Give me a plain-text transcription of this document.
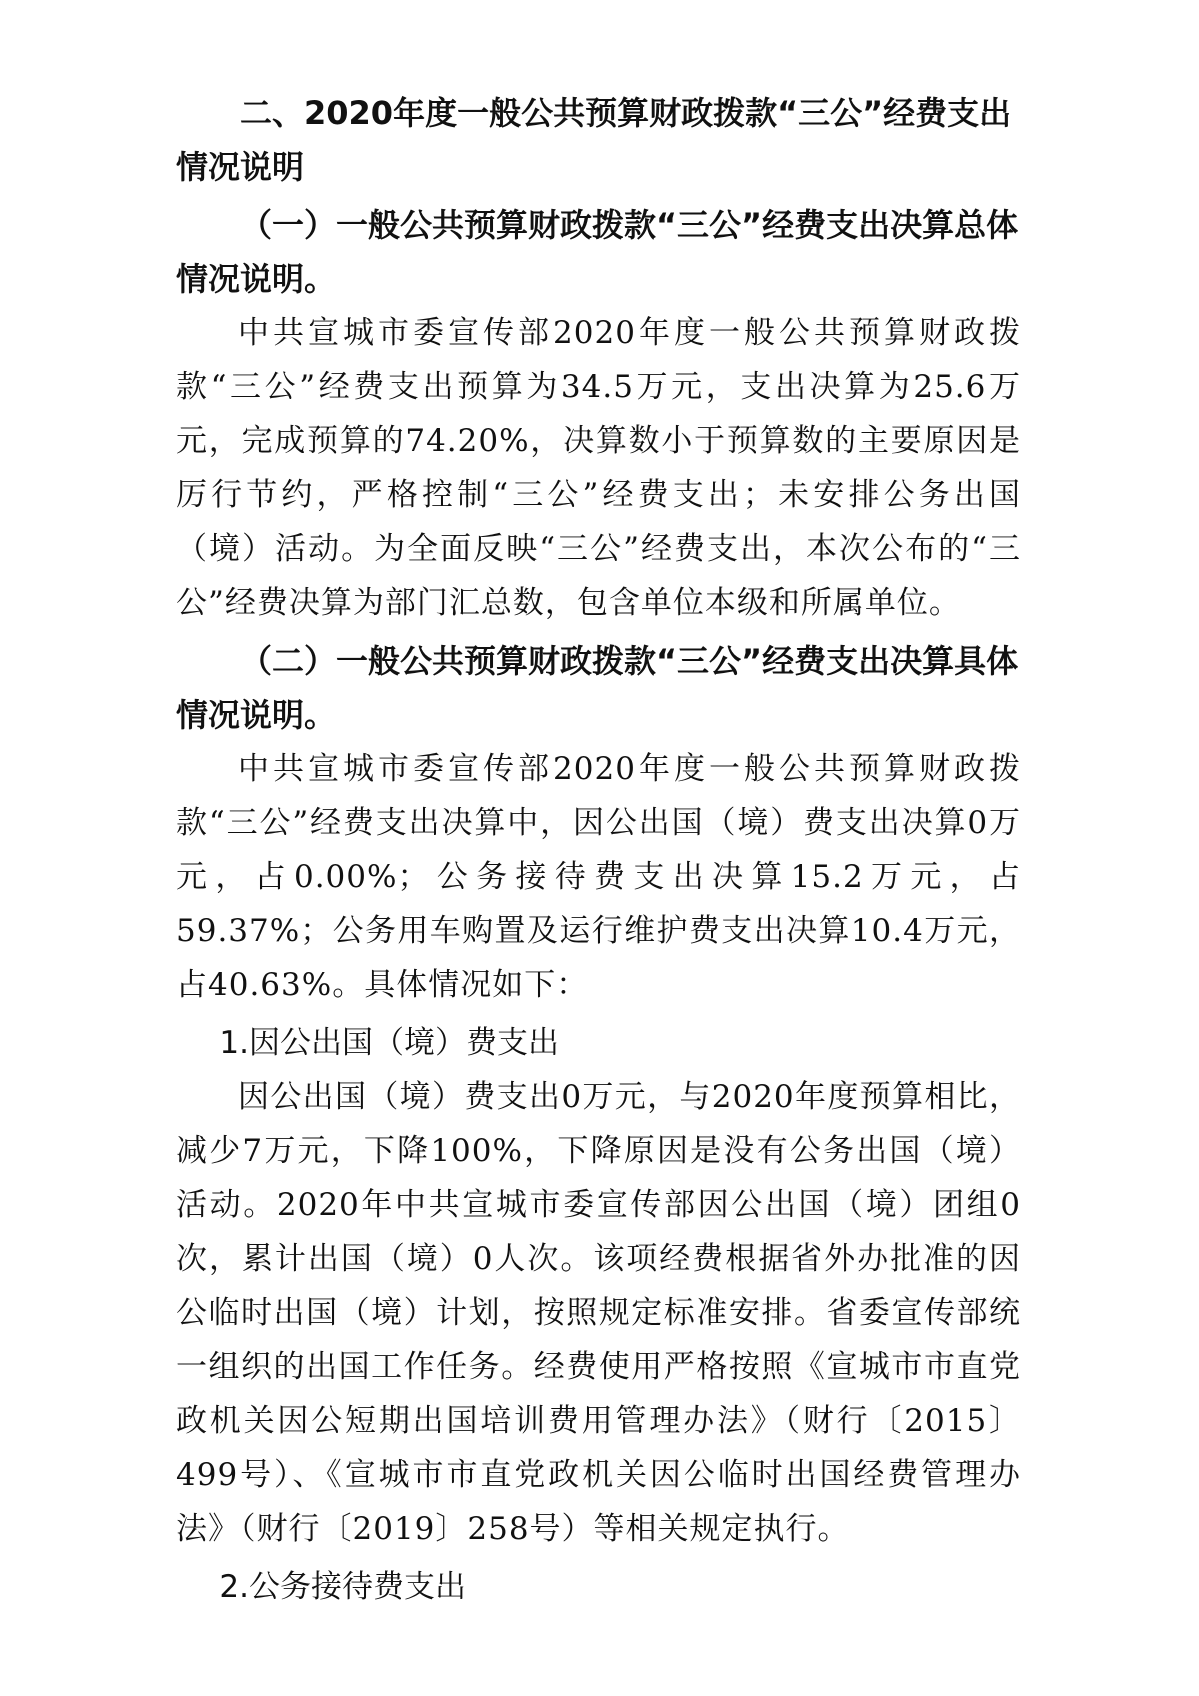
二、2020年度一般公共预算财政拨款“三公”经费支出情况说明
（一）一般公共预算财政拨款“三公”经费支出决算总体情况说明。

中共宣城市委宣传部2020年度一般公共预算财政拨款“三公”经费支出预算为34.5万元，支出决算为25.6万元，完成预算的74.20%，决算数小于预算数的主要原因是厉行节约，严格控制“三公”经费支出；未安排公务出国（境）活动。为全面反映“三公”经费支出，本次公布的“三公”经费决算为部门汇总数，包含单位本级和所属单位。

（二）一般公共预算财政拨款“三公”经费支出决算具体情况说明。

中共宣城市委宣传部2020年度一般公共预算财政拨款“三公”经费支出决算中，因公出国（境）费支出决算0万元，占0.00%；公务接待费支出决算15.2万元，占59.37%；公务用车购置及运行维护费支出决算10.4万元，占40.63%。具体情况如下：

1.因公出国（境）费支出

因公出国（境）费支出0万元，与2020年度预算相比，减少7万元，下降100%，下降原因是没有公务出国（境）活动。2020年中共宣城市委宣传部因公出国（境）团组0次，累计出国（境）0人次。该项经费根据省外办批准的因公临时出国（境）计划，按照规定标准安排。省委宣传部统一组织的出国工作任务。经费使用严格按照《宣城市市直党政机关因公短期出国培训费用管理办法》（财行〔2015〕499号）、《宣城市市直党政机关因公临时出国经费管理办法》（财行〔2019〕258号）等相关规定执行。

2.公务接待费支出
